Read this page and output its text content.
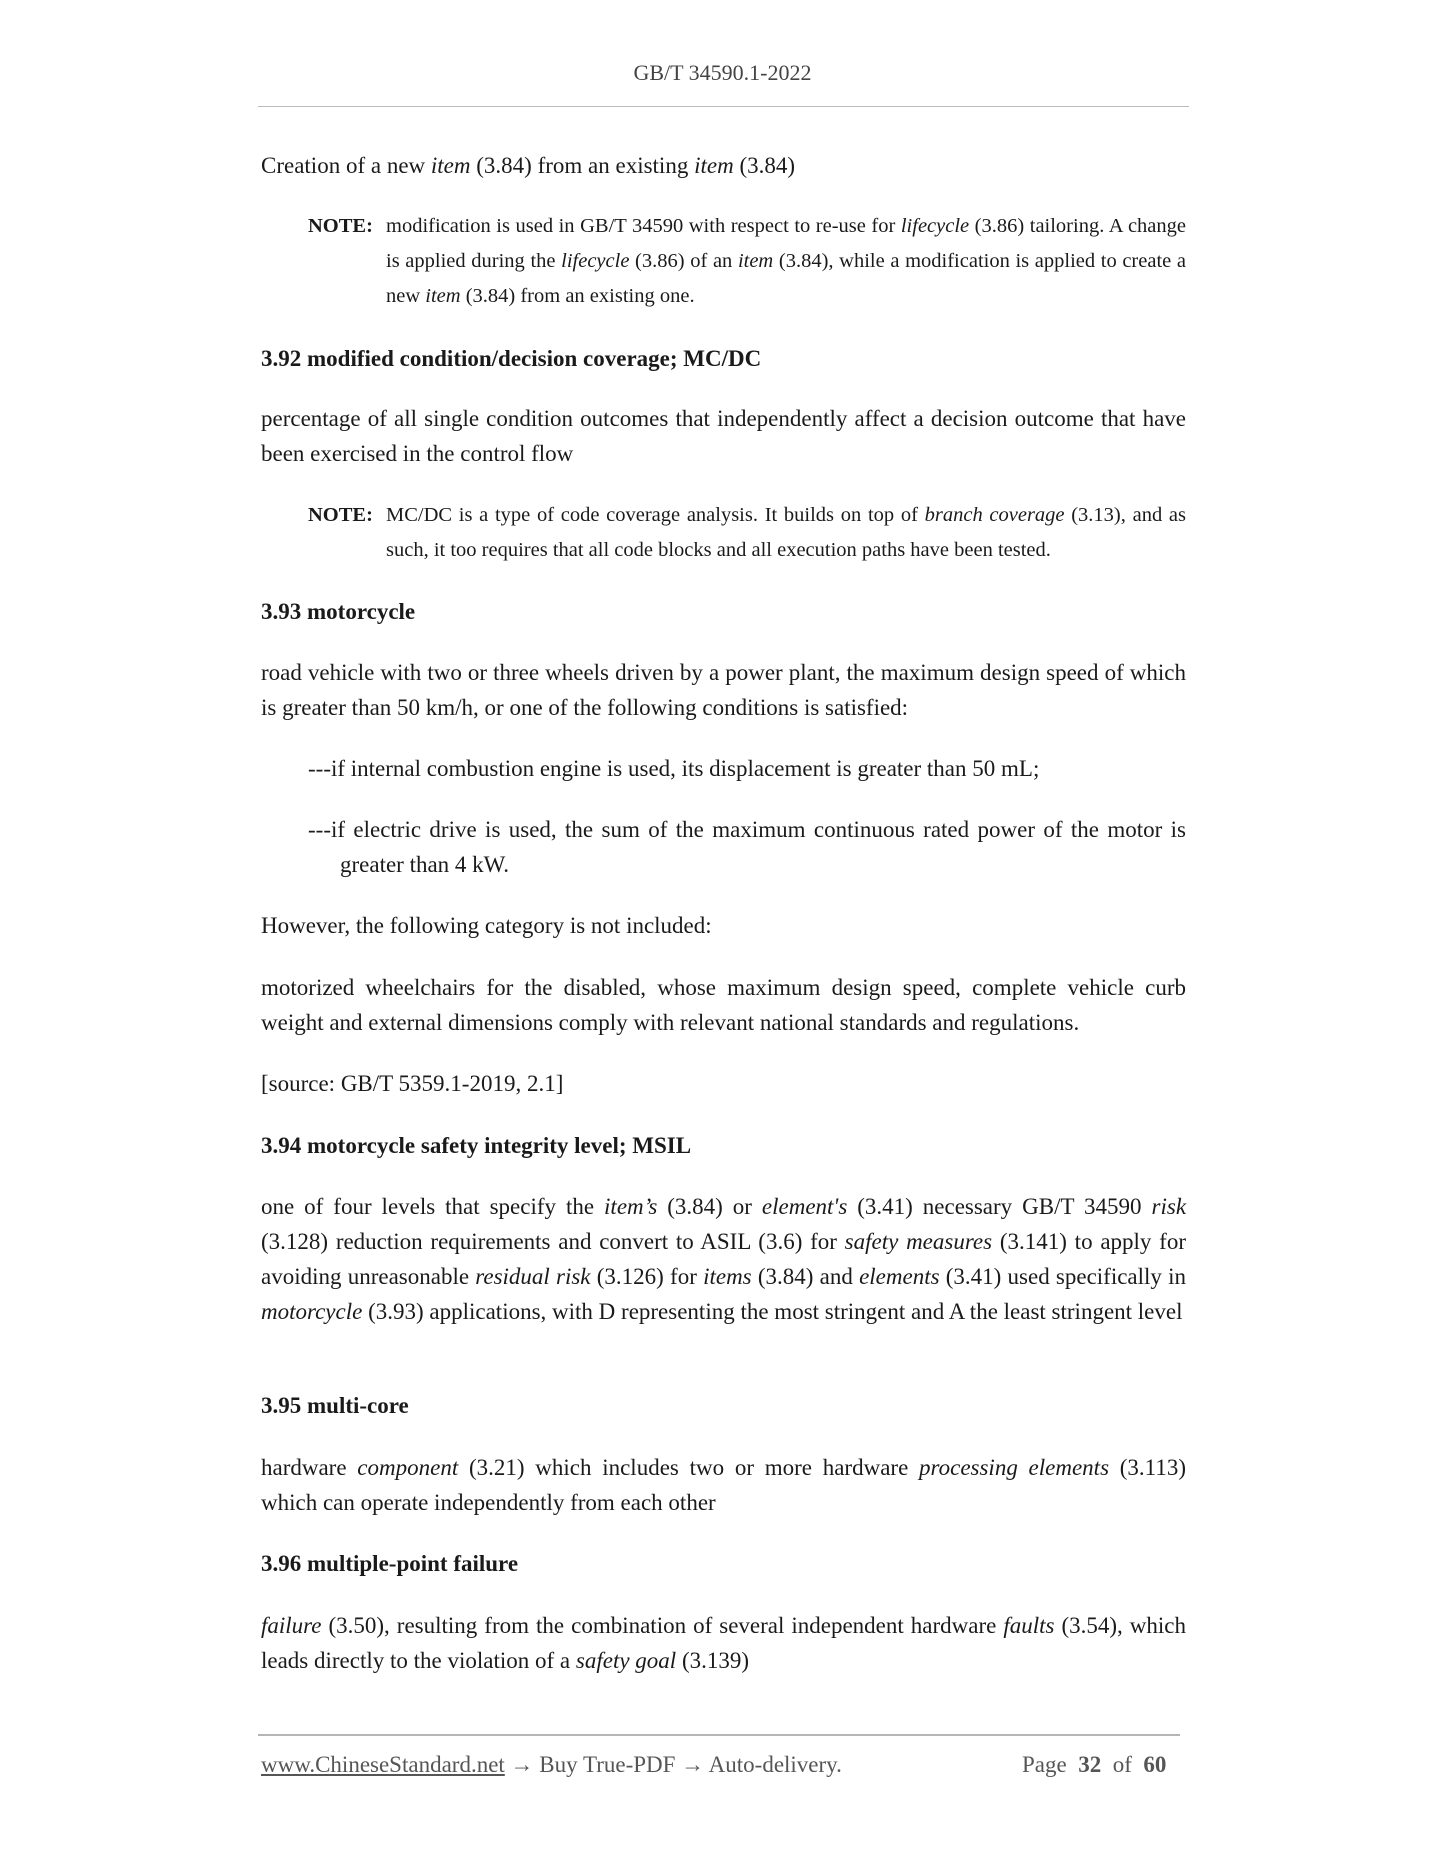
GB/T 34590.1-2022
Creation of a new item (3.84) from an existing item (3.84)
NOTE: modification is used in GB/T 34590 with respect to re-use for lifecycle (3.86) tailoring. A change is applied during the lifecycle (3.86) of an item (3.84), while a modification is applied to create a new item (3.84) from an existing one.
3.92 modified condition/decision coverage; MC/DC
percentage of all single condition outcomes that independently affect a decision outcome that have been exercised in the control flow
NOTE: MC/DC is a type of code coverage analysis. It builds on top of branch coverage (3.13), and as such, it too requires that all code blocks and all execution paths have been tested.
3.93 motorcycle
road vehicle with two or three wheels driven by a power plant, the maximum design speed of which is greater than 50 km/h, or one of the following conditions is satisfied:
---if internal combustion engine is used, its displacement is greater than 50 mL;
---if electric drive is used, the sum of the maximum continuous rated power of the motor is greater than 4 kW.
However, the following category is not included:
motorized wheelchairs for the disabled, whose maximum design speed, complete vehicle curb weight and external dimensions comply with relevant national standards and regulations.
[source: GB/T 5359.1-2019, 2.1]
3.94 motorcycle safety integrity level; MSIL
one of four levels that specify the item’s (3.84) or element's (3.41) necessary GB/T 34590 risk (3.128) reduction requirements and convert to ASIL (3.6) for safety measures (3.141) to apply for avoiding unreasonable residual risk (3.126) for items (3.84) and elements (3.41) used specifically in motorcycle (3.93) applications, with D representing the most stringent and A the least stringent level
3.95 multi-core
hardware component (3.21) which includes two or more hardware processing elements (3.113) which can operate independently from each other
3.96 multiple-point failure
failure (3.50), resulting from the combination of several independent hardware faults (3.54), which leads directly to the violation of a safety goal (3.139)
www.ChineseStandard.net → Buy True-PDF → Auto-delivery.	Page 32 of 60
